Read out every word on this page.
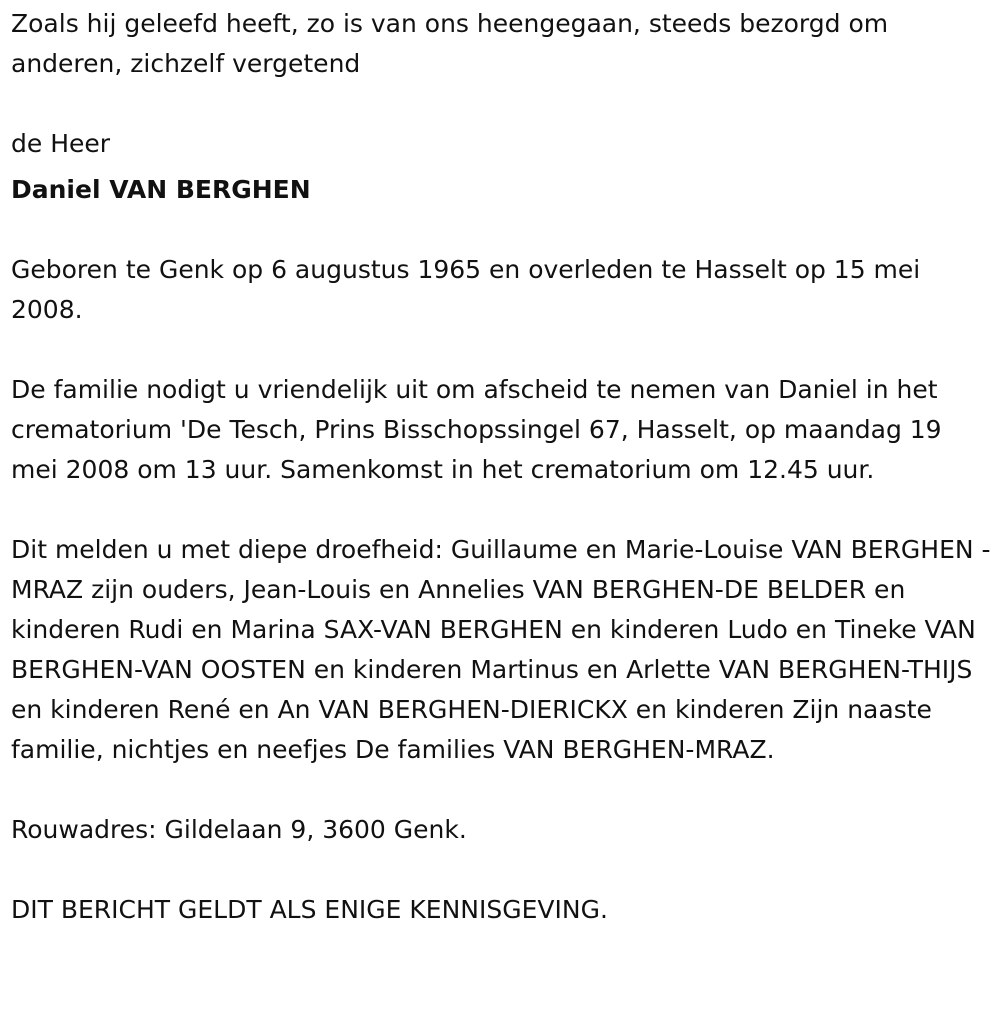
Zoals hij geleefd heeft, zo is van ons heengegaan, steeds bezorgd om anderen, zichzelf vergetend

de Heer

Daniel VAN BERGHEN

Geboren te Genk op 6 augustus 1965 en overleden te Hasselt op 15 mei 2008.

De familie nodigt u vriendelijk uit om afscheid te nemen van Daniel in het crematorium 'De Tesch, Prins Bisschopssingel 67, Hasselt, op maandag 19 mei 2008 om 13 uur. Samenkomst in het crematorium om 12.45 uur.

Dit melden u met diepe droefheid: Guillaume en Marie-Louise VAN BERGHEN -MRAZ zijn ouders, Jean-Louis en Annelies VAN BERGHEN-DE BELDER en kinderen Rudi en Marina SAX-VAN BERGHEN en kinderen Ludo en Tineke VAN BERGHEN-VAN OOSTEN en kinderen Martinus en Arlette VAN BERGHEN-THIJS en kinderen René en An VAN BERGHEN-DIERICKX en kinderen Zijn naaste familie, nichtjes en neefjes De families VAN BERGHEN-MRAZ.

Rouwadres: Gildelaan 9, 3600 Genk.

DIT BERICHT GELDT ALS ENIGE KENNISGEVING.
